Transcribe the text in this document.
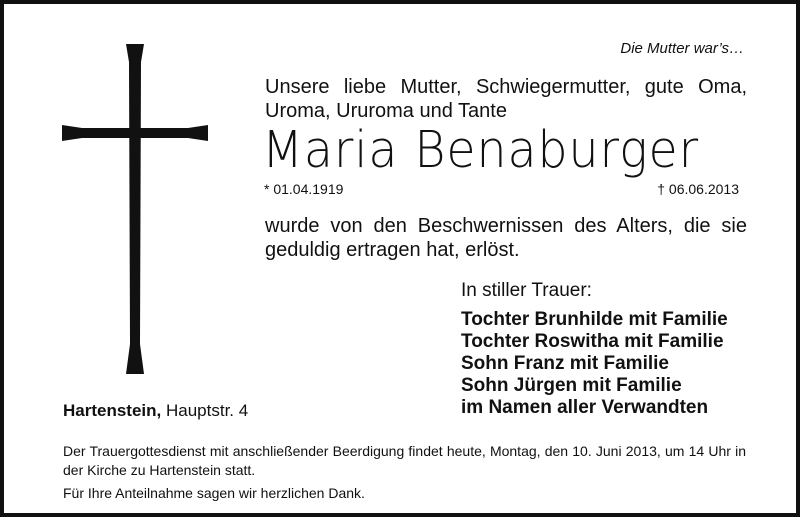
Die Mutter war’s…
Unsere liebe Mutter, Schwiegermutter, gute Oma, Uroma, Ururoma und Tante
Maria Benaburger
* 01.04.1919	† 06.06.2013
wurde von den Beschwernissen des Alters, die sie geduldig ertragen hat, erlöst.
In stiller Trauer:
Tochter Brunhilde mit Familie
Tochter Roswitha mit Familie
Sohn Franz mit Familie
Sohn Jürgen mit Familie
im Namen aller Verwandten
Hartenstein, Hauptstr. 4
Der Trauergottesdienst mit anschließender Beerdigung findet heute, Montag, den 10. Juni 2013, um 14 Uhr in der Kirche zu Hartenstein statt.
Für Ihre Anteilnahme sagen wir herzlichen Dank.
